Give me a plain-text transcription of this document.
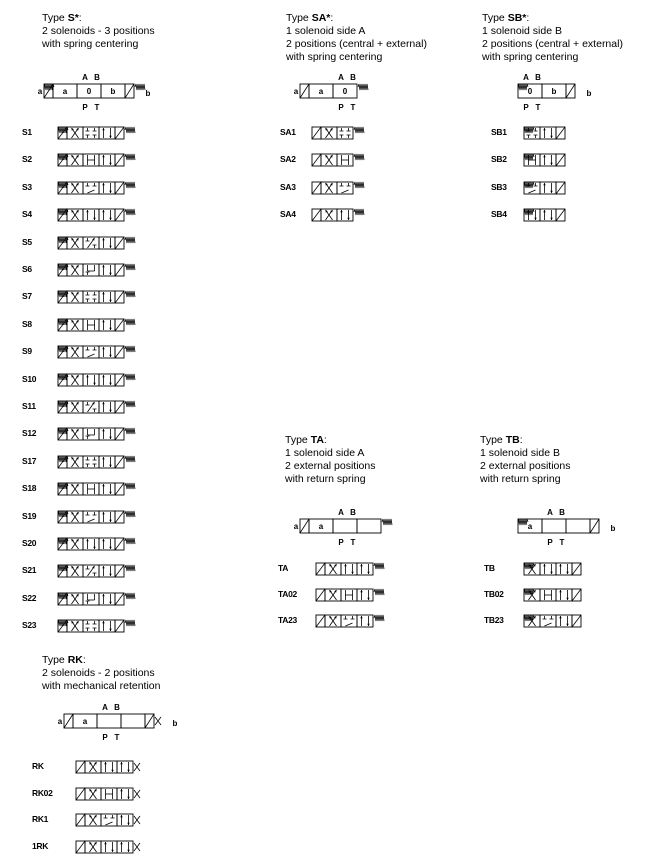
Type S*:
2 solenoids - 3 positions
with spring centering
a	a 0
A B
P T
b	b
S1
S2
S3
S4
S5
S6
S7
S8
S9
S10
S11
S12
S17
S18
S19
S20
S21
S22
S23
Type SA*:
1 solenoid side A
2 positions (central + external)
with spring centering
a	a 0
A B
P T
SA1
SA2
SA3
SA4
Type SB*:
1 solenoid side B
2 positions (central + external)
with spring centering
0
A B
P T
b	b
SB1
SB2
SB3
SB4
Type TA:
1 solenoid side A
2 external positions
with return spring
a	a
A B
P T
TA
TA02
TA23
Type TB:
1 solenoid side B
2 external positions
with return spring
a
A B
P T
b
TB
TB02
TB23
Type RK:
2 solenoids - 2 positions
with mechanical retention
a	a
A B
P T
b
RK
RK02
RK1
1RK
